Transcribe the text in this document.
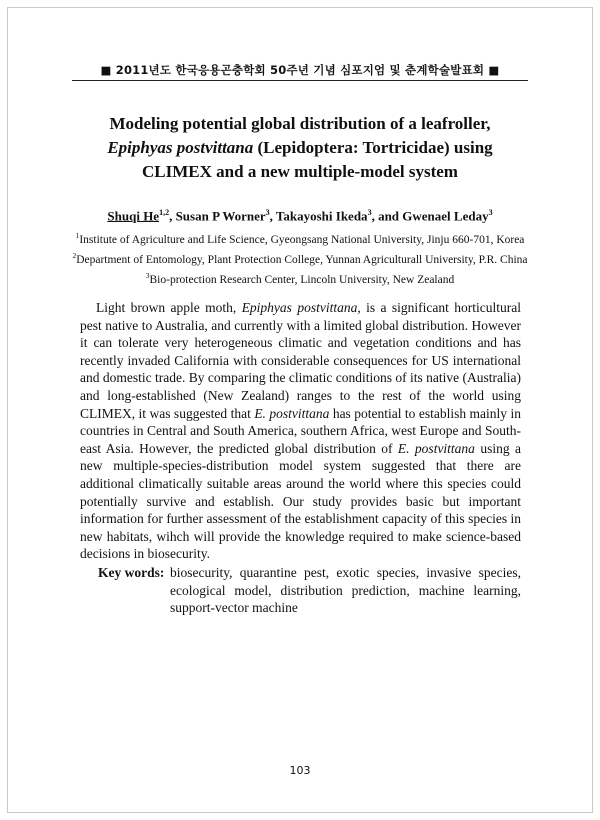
■ 2011년도 한국응용곤충학회 50주년 기념 심포지엄 및 춘계학술발표회 ■
Modeling potential global distribution of a leafroller,
Epiphyas postvittana (Lepidoptera: Tortricidae) using
CLIMEX and a new multiple-model system
Shuqi He$^{1,2}$, Susan P Worner$^3$, Takayoshi Ikeda$^3$, and Gwenael Leday$^3$
$^1$Institute of Agriculture and Life Science, Gyeongsang National University, Jinju 660-701, Korea
$^2$Department of Entomology, Plant Protection College, Yunnan Agriculturall University, P.R. China
$^3$Bio-protection Research Center, Lincoln University, New Zealand

Light brown apple moth, Epiphyas postvittana, is a significant horticultural pest native to Australia, and currently with a limited global distribution. However it can tolerate very heterogeneous climatic and vegetation conditions and has recently invaded California with considerable consequences for US international and domestic trade. By comparing the climatic conditions of its native (Australia) and long-established (New Zealand) ranges to the rest of the world using CLIMEX, it was suggested that E. postvittana has potential to establish mainly in countries in Central and South America, southern Africa, west Europe and South-east Asia. However, the predicted global distribution of E. postvittana using a new multiple-species-distribution model system suggested that there are additional climatically suitable areas around the world where this species could potentially survive and establish. Our study provides basic but important information for further assessment of the establishment capacity of this species in new habitats, wihch will provide the knowledge required to make science-based decisions in biosecurity.

Key words: biosecurity, quarantine pest, exotic species, invasive species, ecological model, distribution prediction, machine learning, support-vector machine
103
